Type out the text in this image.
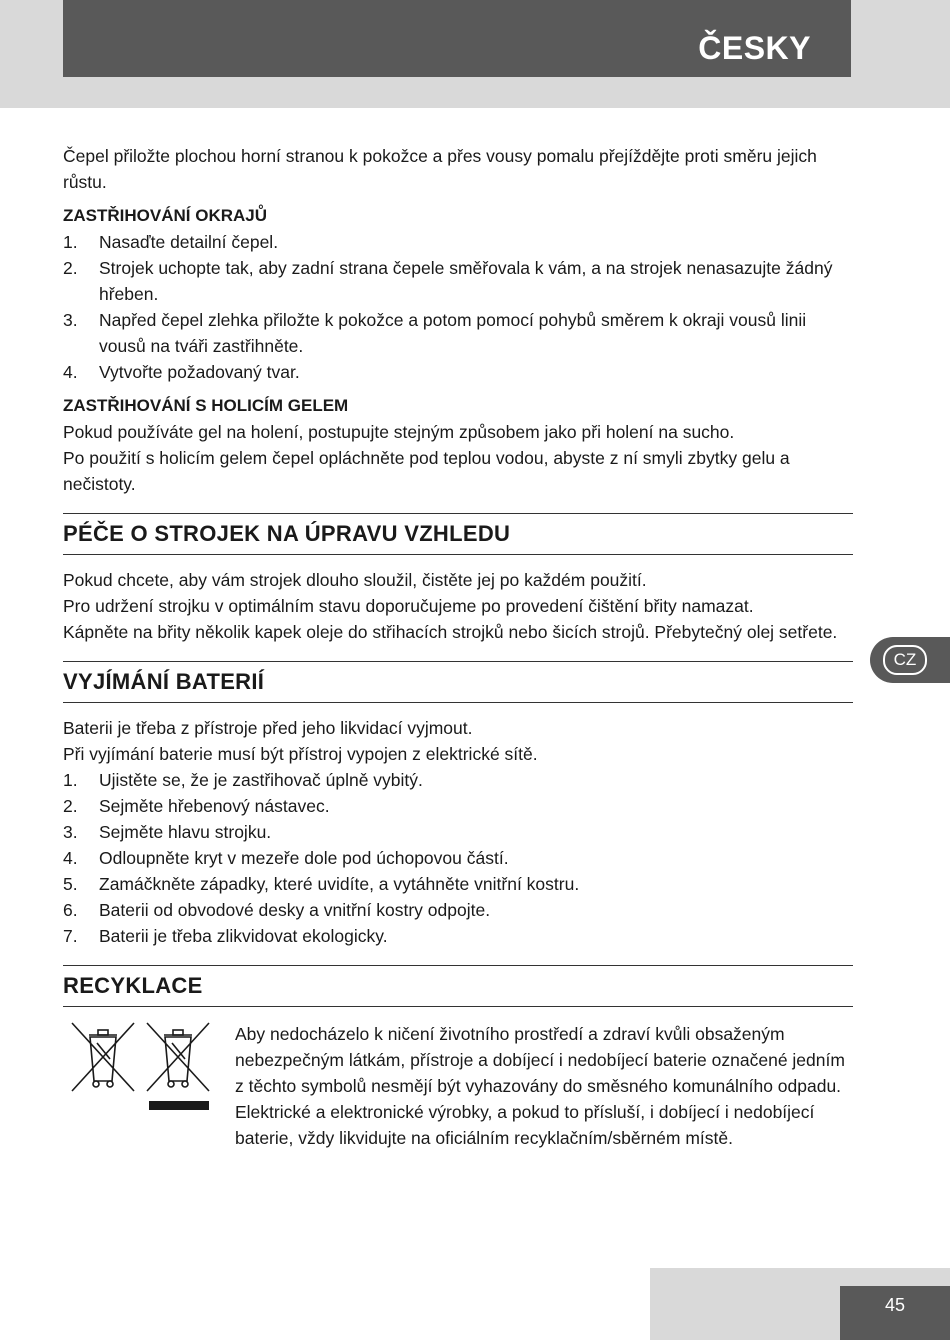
ČESKY

Čepel přiložte plochou horní stranou k pokožce a přes vousy pomalu přejíždějte proti směru jejich růstu.

ZASTŘIHOVÁNÍ OKRAJŮ
1.	Nasaďte detailní čepel.
2.	Strojek uchopte tak, aby zadní strana čepele směřovala k vám, a na strojek nenasazujte žádný hřeben.
3.	Napřed čepel zlehka přiložte k pokožce a potom pomocí pohybů směrem k okraji vousů linii vousů na tváři zastřihněte.
4.	Vytvořte požadovaný tvar.
ZASTŘIHOVÁNÍ S HOLICÍM GELEM

Pokud používáte gel na holení, postupujte stejným způsobem jako při holení na sucho.

Po použití s holicím gelem čepel opláchněte pod teplou vodou, abyste z ní smyli zbytky gelu a nečistoty.

PÉČE O STROJEK NA ÚPRAVU VZHLEDU

Pokud chcete, aby vám strojek dlouho sloužil, čistěte jej po každém použití.

Pro udržení strojku v optimálním stavu doporučujeme po provedení čištění břity namazat.

Kápněte na břity několik kapek oleje do střihacích strojků nebo šicích strojů. Přebytečný olej setřete.

VYJÍMÁNÍ BATERIÍ

Baterii je třeba z přístroje před jeho likvidací vyjmout.

Při vyjímání baterie musí být přístroj vypojen z elektrické sítě.

1.	Ujistěte se, že je zastřihovač úplně vybitý.
2.	Sejměte hřebenový nástavec.
3.	Sejměte hlavu strojku.
4.	Odloupněte kryt v mezeře dole pod úchopovou částí.
5.	Zamáčkněte západky, které uvidíte, a vytáhněte vnitřní kostru.
6.	Baterii od obvodové desky a vnitřní kostry odpojte.
7.	Baterii je třeba zlikvidovat ekologicky.
RECYKLACE

Aby nedocházelo k ničení životního prostředí a zdraví kvůli obsaženým nebezpečným látkám, přístroje a dobíjecí i nedobíjecí baterie označené jedním z těchto symbolů nesmějí být vyhazovány do směsného komunálního odpadu. Elektrické a elektronické výrobky, a pokud to přísluší, i dobíjecí i nedobíjecí baterie, vždy likvidujte na oficiálním recyklačním/sběrném místě.

CZ
45
